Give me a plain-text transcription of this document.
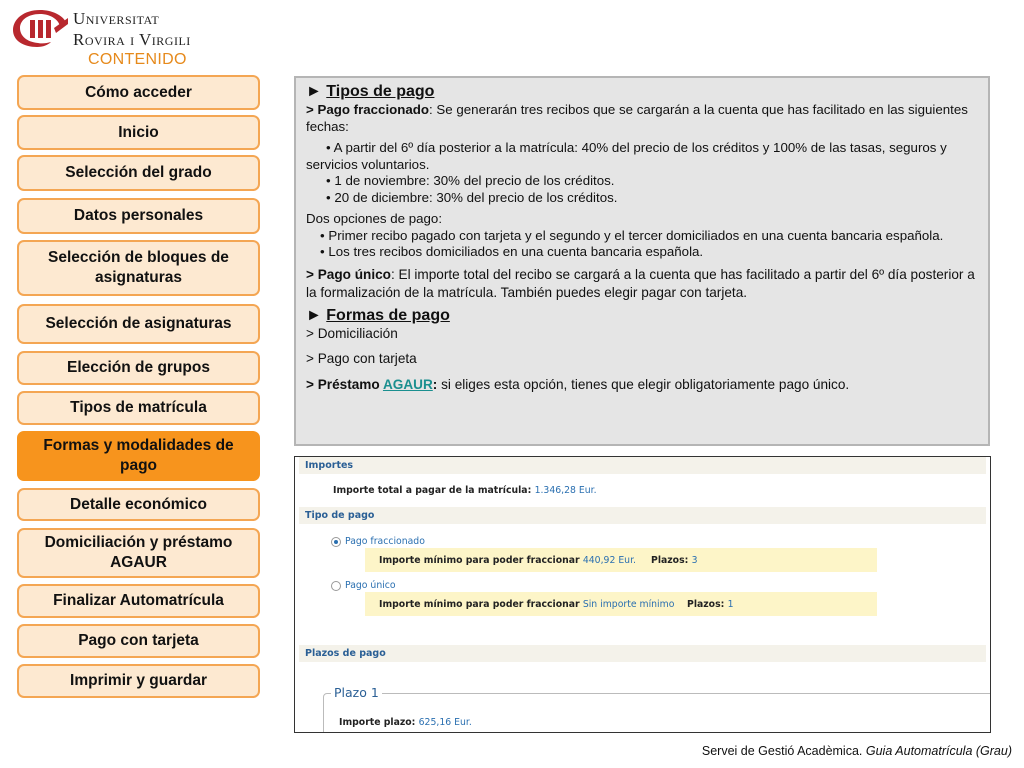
Universitat
Rovira i Virgili
CONTENIDO
Cómo acceder
Inicio
Selección del grado
Datos personales
Selección de bloques de asignaturas
Selección de asignaturas
Elección de grupos
Tipos de matrícula
Formas y modalidades de pago
Detalle económico
Domiciliación y préstamo AGAUR
Finalizar Automatrícula
Pago con tarjeta
Imprimir y guardar
► Tipos de pago

> Pago fraccionado: Se generarán tres recibos que se cargarán a la cuenta que has facilitado en las siguientes fechas:

• A partir del 6º día posterior a la matrícula: 40% del precio de los créditos y 100% de las tasas, seguros y servicios voluntarios.

• 1 de noviembre: 30% del precio de los créditos.

• 20 de diciembre: 30% del precio de los créditos.

Dos opciones de pago:

• Primer recibo pagado con tarjeta y el segundo y el tercer domiciliados en una cuenta bancaria española.

• Los tres recibos domiciliados en una cuenta bancaria española.

> Pago único: El importe total del recibo se cargará a la cuenta que has facilitado a partir del 6º día posterior a la formalización de la matrícula. También puedes elegir pagar con tarjeta.

► Formas de pago

> Domiciliación

> Pago con tarjeta

> Préstamo AGAUR: si eliges esta opción, tienes que elegir obligatoriamente pago único.

Importes
Importe total a pagar de la matrícula: 1.346,28 Eur.
Tipo de pago
Pago fraccionado
Importe mínimo para poder fraccionar 440,92 Eur. Plazos: 3
Pago único
Importe mínimo para poder fraccionar Sin importe mínimo Plazos: 1
Plazos de pago
Plazo 1
Importe plazo: 625,16 Eur.
Servei de Gestió Acadèmica. Guia Automatrícula (Grau)
